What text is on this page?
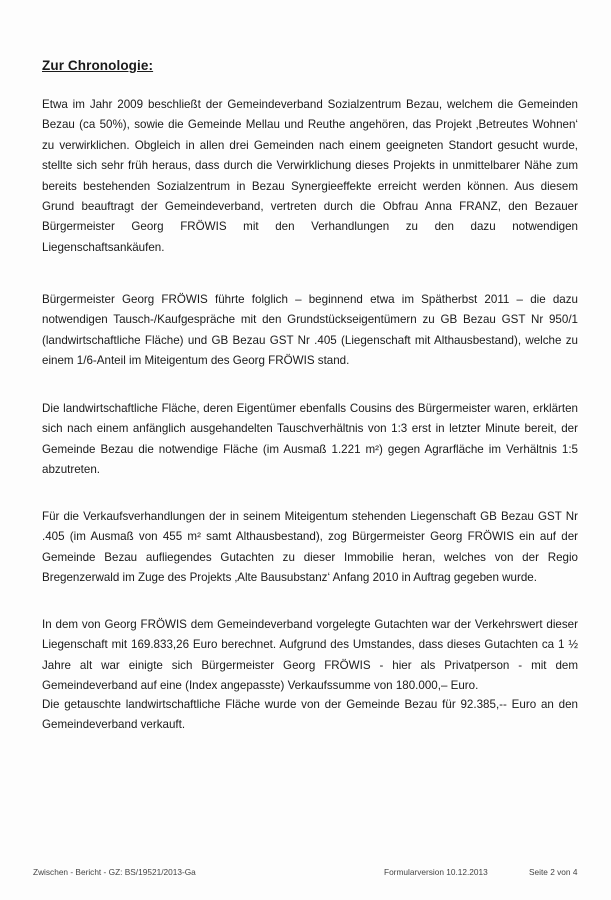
Zur Chronologie:

Etwa im Jahr 2009 beschließt der Gemeindeverband Sozialzentrum Bezau, welchem die Gemeinden Bezau (ca 50%), sowie die Gemeinde Mellau und Reuthe angehören, das Projekt ‚Betreutes Wohnen‘ zu verwirklichen. Obgleich in allen drei Gemeinden nach einem geeigneten Standort gesucht wurde, stellte sich sehr früh heraus, dass durch die Verwirklichung dieses Projekts in unmittelbarer Nähe zum bereits bestehenden Sozialzentrum in Bezau Synergieeffekte erreicht werden können. Aus diesem Grund beauftragt der Gemeindeverband, vertreten durch die Obfrau Anna FRANZ, den Bezauer Bürgermeister Georg FRÖWIS mit den Verhandlungen zu den dazu notwendigen Liegenschaftsankäufen.

Bürgermeister Georg FRÖWIS führte folglich – beginnend etwa im Spätherbst 2011 – die dazu notwendigen Tausch-/Kaufgespräche mit den Grundstückseigentümern zu GB Bezau GST Nr 950/1 (landwirtschaftliche Fläche) und GB Bezau GST Nr .405 (Liegenschaft mit Althausbestand), welche zu einem 1/6-Anteil im Miteigentum des Georg FRÖWIS stand.

Die landwirtschaftliche Fläche, deren Eigentümer ebenfalls Cousins des Bürgermeister waren, erklärten sich nach einem anfänglich ausgehandelten Tauschverhältnis von 1:3 erst in letzter Minute bereit, der Gemeinde Bezau die notwendige Fläche (im Ausmaß 1.221 m²) gegen Agrarfläche im Verhältnis 1:5 abzutreten.

Für die Verkaufsverhandlungen der in seinem Miteigentum stehenden Liegenschaft GB Bezau GST Nr .405 (im Ausmaß von 455 m² samt Althausbestand), zog Bürgermeister Georg FRÖWIS ein auf der Gemeinde Bezau aufliegendes Gutachten zu dieser Immobilie heran, welches von der Regio Bregenzerwald im Zuge des Projekts ‚Alte Bausubstanz‘ Anfang 2010 in Auftrag gegeben wurde.

In dem von Georg FRÖWIS dem Gemeindeverband vorgelegte Gutachten war der Verkehrswert dieser Liegenschaft mit 169.833,26 Euro berechnet. Aufgrund des Umstandes, dass dieses Gutachten ca 1 ½ Jahre alt war einigte sich Bürgermeister Georg FRÖWIS - hier als Privatperson - mit dem Gemeindeverband auf eine (Index angepasste) Verkaufssumme von 180.000,– Euro.

Die getauschte landwirtschaftliche Fläche wurde von der Gemeinde Bezau für 92.385,-- Euro an den Gemeindeverband verkauft.

Zwischen - Bericht - GZ: BS/19521/2013-Ga	Formularversion 10.12.2013	Seite 2 von 4
